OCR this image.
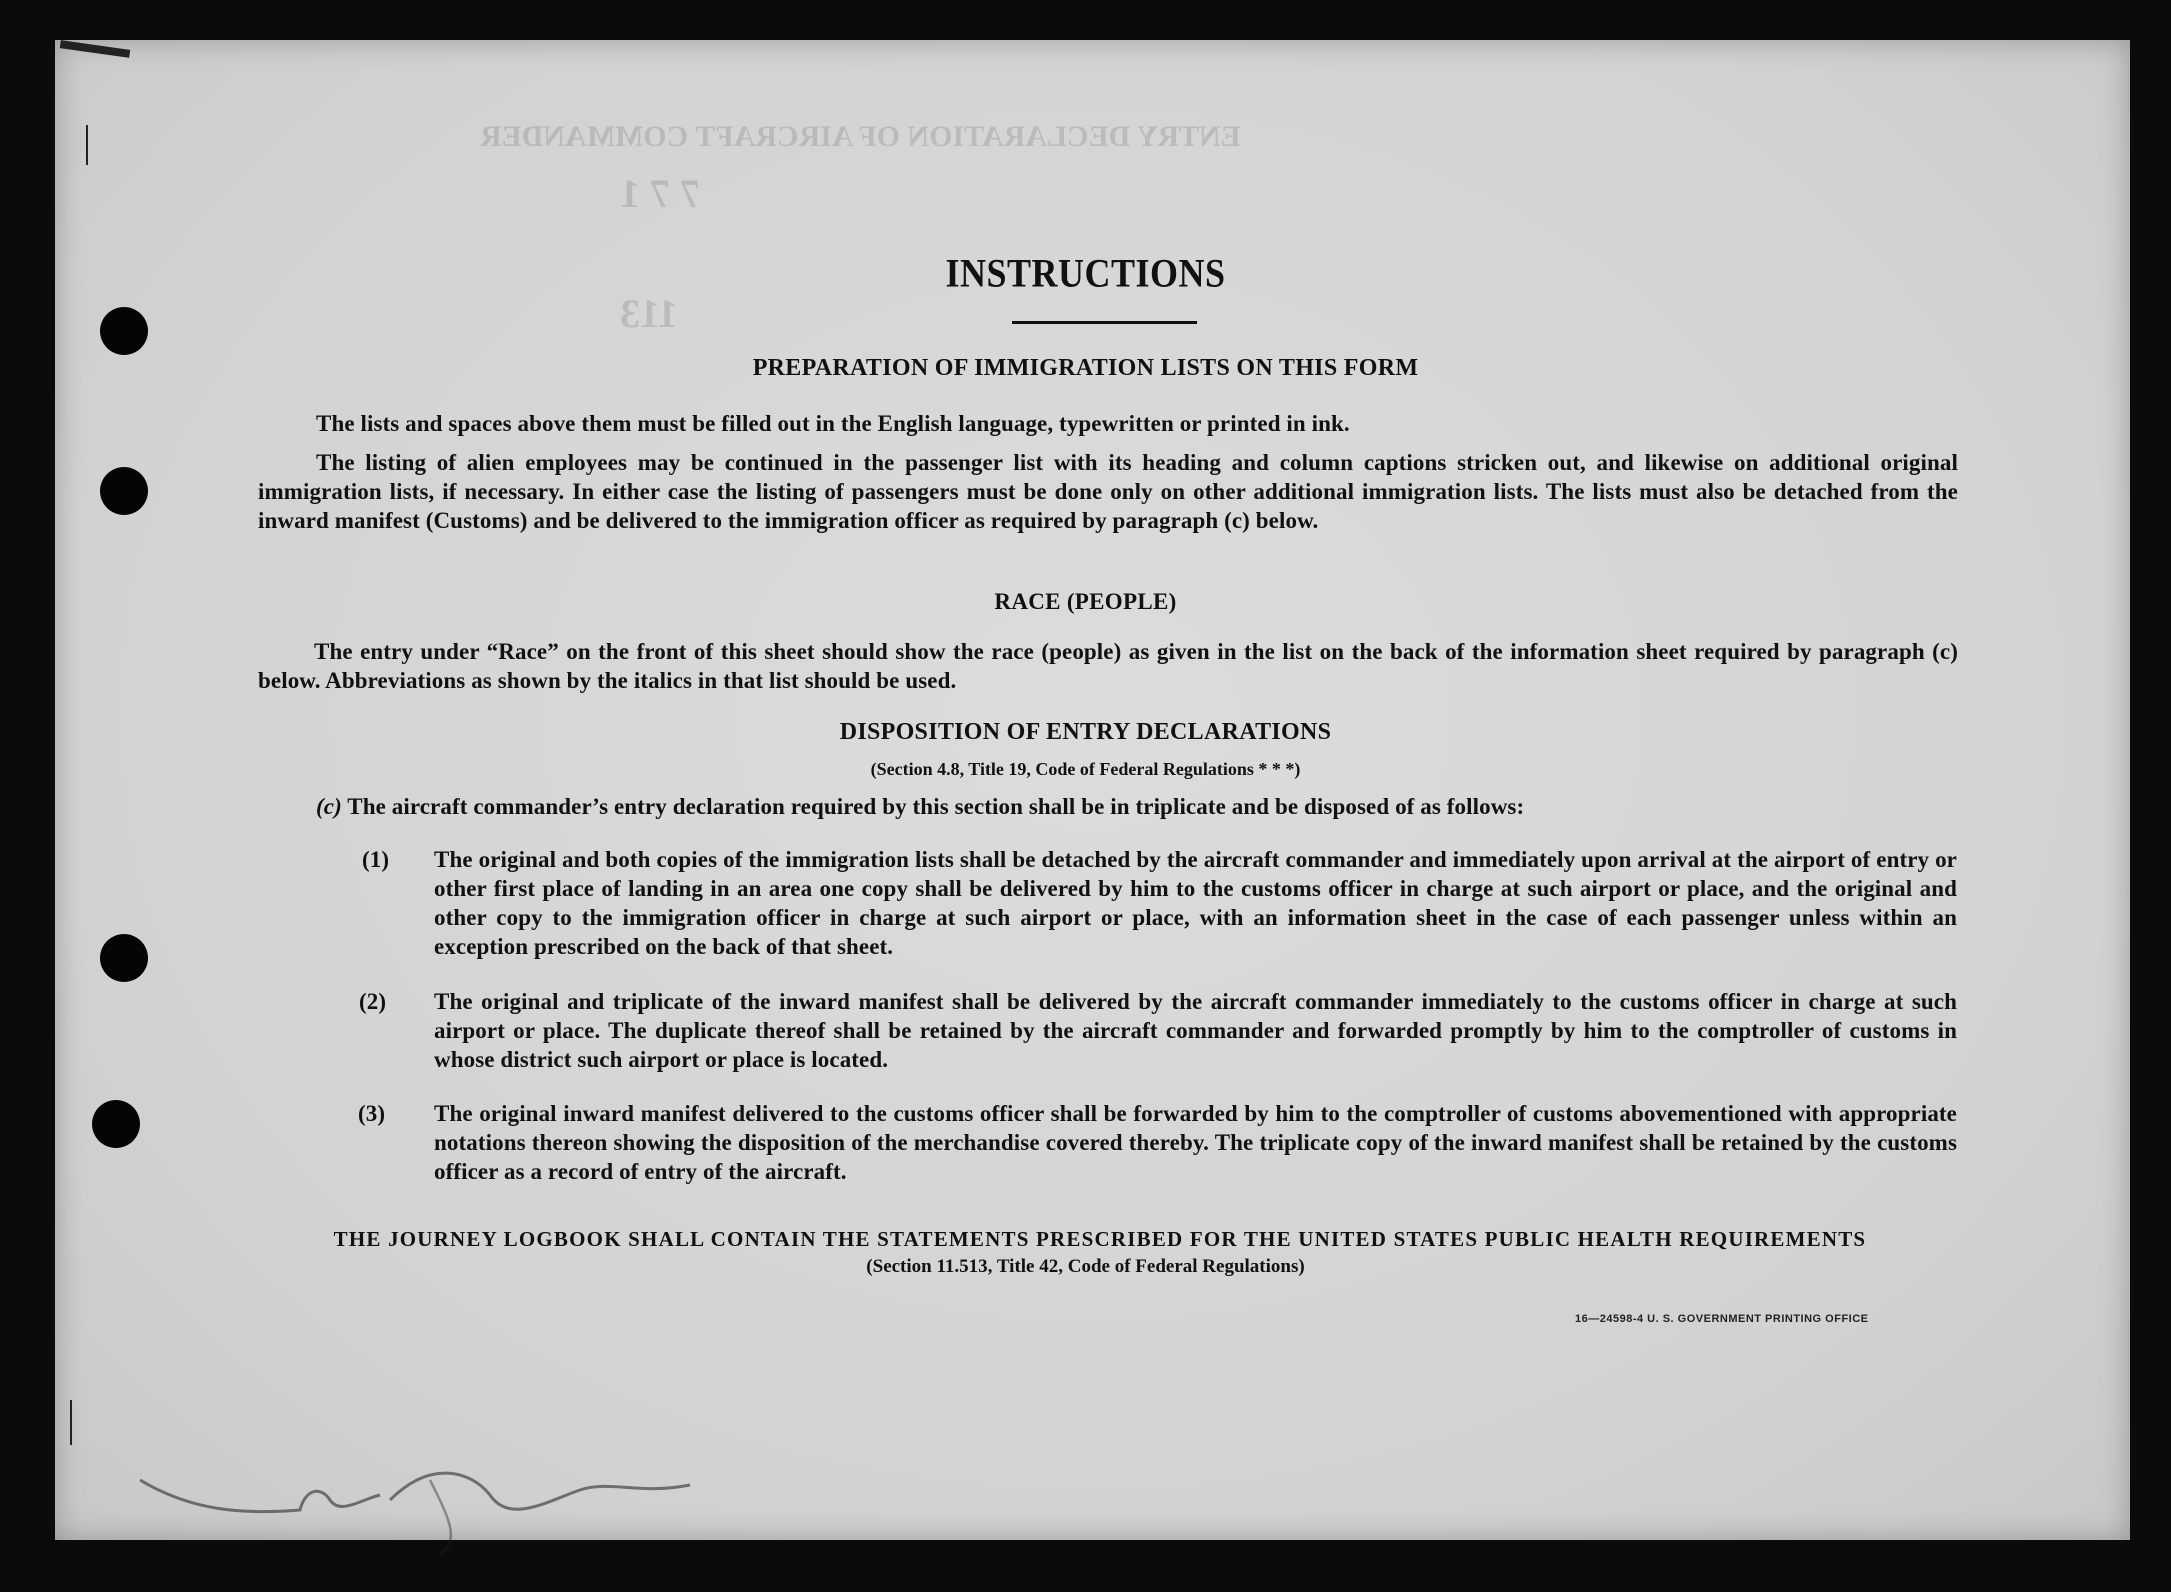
ENTRY DECLARATION OF AIRCRAFT COMMANDER
7 7 1
113
INSTRUCTIONS
PREPARATION OF IMMIGRATION LISTS ON THIS FORM
The lists and spaces above them must be filled out in the English language, typewritten or printed in ink.
The listing of alien employees may be continued in the passenger list with its heading and column captions stricken out, and likewise on additional original immigration lists, if necessary. In either case the listing of passengers must be done only on other additional immigration lists. The lists must also be detached from the inward manifest (Customs) and be delivered to the immigration officer as required by paragraph (c) below.
RACE (PEOPLE)
The entry under “Race” on the front of this sheet should show the race (people) as given in the list on the back of the information sheet required by paragraph (c) below. Abbreviations as shown by the italics in that list should be used.
DISPOSITION OF ENTRY DECLARATIONS
(Section 4.8, Title 19, Code of Federal Regulations * * *)
(c) The aircraft commander’s entry declaration required by this section shall be in triplicate and be disposed of as follows:
(1) The original and both copies of the immigration lists shall be detached by the aircraft commander and immediately upon arrival at the airport of entry or other first place of landing in an area one copy shall be delivered by him to the customs officer in charge at such airport or place, and the original and other copy to the immigration officer in charge at such airport or place, with an information sheet in the case of each passenger unless within an exception prescribed on the back of that sheet.
(2) The original and triplicate of the inward manifest shall be delivered by the aircraft commander immediately to the customs officer in charge at such airport or place. The duplicate thereof shall be retained by the aircraft commander and forwarded promptly by him to the comptroller of customs in whose district such airport or place is located.
(3) The original inward manifest delivered to the customs officer shall be forwarded by him to the comptroller of customs abovementioned with appropriate notations thereon showing the disposition of the merchandise covered thereby. The triplicate copy of the inward manifest shall be retained by the customs officer as a record of entry of the aircraft.
THE JOURNEY LOGBOOK SHALL CONTAIN THE STATEMENTS PRESCRIBED FOR THE UNITED STATES PUBLIC HEALTH REQUIREMENTS
(Section 11.513, Title 42, Code of Federal Regulations)
16—24598-4 U. S. GOVERNMENT PRINTING OFFICE
